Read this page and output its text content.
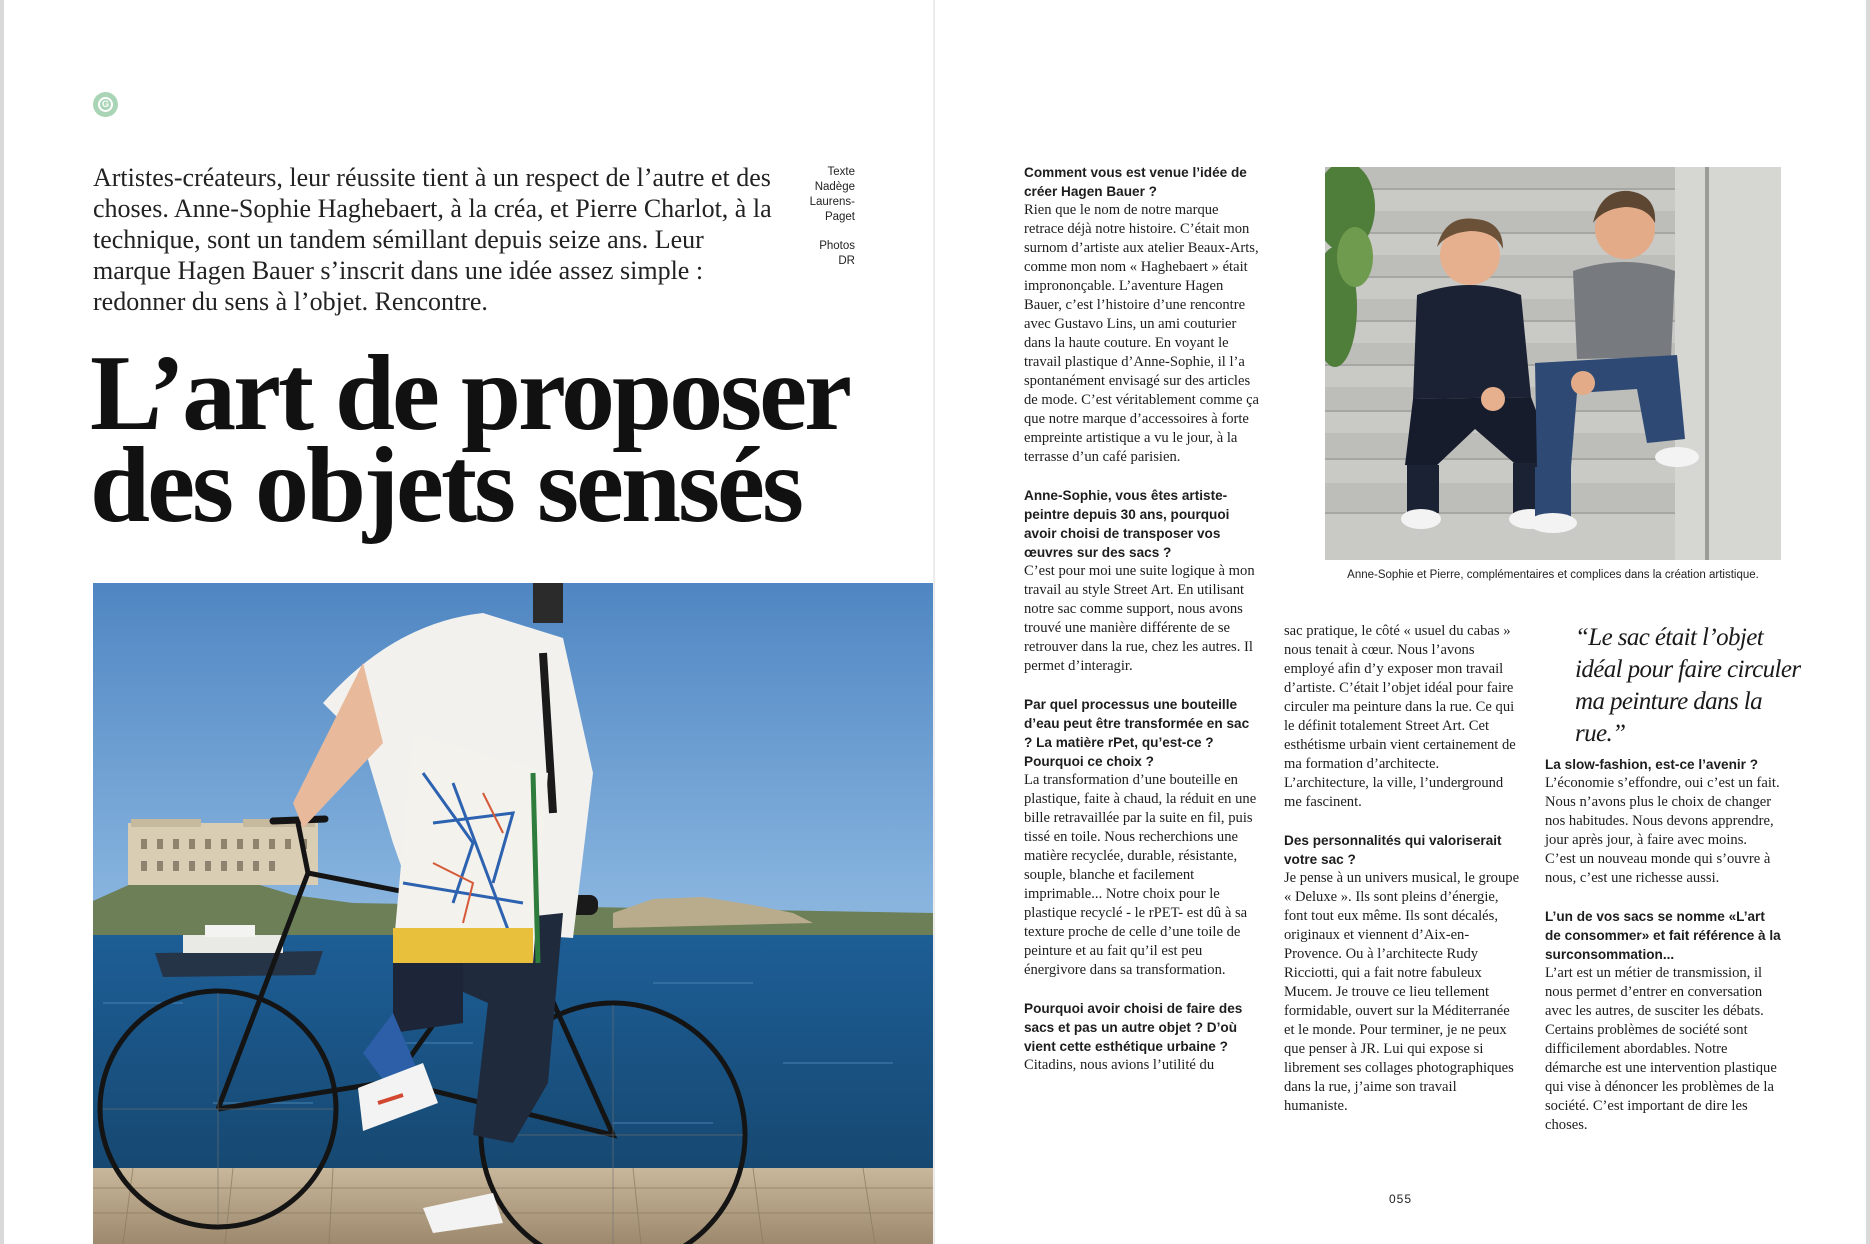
G

Artistes-créateurs, leur réussite tient à un respect de l’autre et des choses. Anne-Sophie Haghebaert, à la créa, et Pierre Charlot, à la technique, sont un tandem sémillant depuis seize ans. Leur marque Hagen Bauer s’inscrit dans une idée assez simple : redonner du sens à l’objet. Rencontre.

Texte
Nadège
Laurens-
Paget
Photos
DR
L’art de proposer
des objets sensés

Comment vous est venue l’idée de créer Hagen Bauer ?

Rien que le nom de notre marque retrace déjà notre histoire. C’était mon surnom d’artiste aux atelier Beaux-Arts, comme mon nom « Haghebaert » était imprononçable. L’aventure Hagen Bauer, c’est l’histoire d’une rencontre avec Gustavo Lins, un ami couturier dans la haute couture. En voyant le travail plastique d’Anne-Sophie, il l’a spontanément envisagé sur des articles de mode. C’est véritablement comme ça que notre marque d’accessoires à forte empreinte artistique a vu le jour, à la terrasse d’un café parisien.

Anne-Sophie, vous êtes artiste-peintre depuis 30 ans, pourquoi avoir choisi de transposer vos œuvres sur des sacs ?

C’est pour moi une suite logique à mon travail au style Street Art. En utilisant notre sac comme support, nous avons trouvé une manière différente de se retrouver dans la rue, chez les autres. Il permet d’interagir.

Par quel processus une bouteille d’eau peut être transformée en sac ? La matière rPet, qu’est-ce ? Pourquoi ce choix ?

La transformation d’une bouteille en plastique, faite à chaud, la réduit en une bille retravaillée par la suite en fil, puis tissé en toile. Nous recherchions une matière recyclée, durable, résistante, souple, blanche et facilement imprimable... Notre choix pour le plastique recyclé - le rPET- est dû à sa texture proche de celle d’une toile de peinture et au fait qu’il est peu énergivore dans sa transformation.

Pourquoi avoir choisi de faire des sacs et pas un autre objet ? D’où vient cette esthétique urbaine ?

Citadins, nous avions l’utilité du

Anne-Sophie et Pierre, complémentaires et complices dans la création artistique.

sac pratique, le côté « usuel du cabas » nous tenait à cœur. Nous l’avons employé afin d’y exposer mon travail d’artiste. C’était l’objet idéal pour faire circuler ma peinture dans la rue. Ce qui le définit totalement Street Art. Cet esthétisme urbain vient certainement de ma formation d’architecte. L’architecture, la ville, l’underground me fascinent.

Des personnalités qui valoriserait votre sac ?

Je pense à un univers musical, le groupe « Deluxe ». Ils sont pleins d’énergie, font tout eux même. Ils sont décalés, originaux et viennent d’Aix-en-Provence. Ou à l’architecte Rudy Ricciotti, qui a fait notre fabuleux Mucem. Je trouve ce lieu tellement formidable, ouvert sur la Méditerranée et le monde. Pour terminer, je ne peux que penser à JR. Lui qui expose si librement ses collages photographiques dans la rue, j’aime son travail humaniste.

“Le sac était l’objet idéal pour faire circuler ma peinture dans la rue.”

La slow-fashion, est-ce l’avenir ?

L’économie s’effondre, oui c’est un fait. Nous n’avons plus le choix de changer nos habitudes. Nous devons apprendre, jour après jour, à faire avec moins. C’est un nouveau monde qui s’ouvre à nous, c’est une richesse aussi.

L’un de vos sacs se nomme «L’art de consommer» et fait référence à la surconsommation...

L’art est un métier de transmission, il nous permet d’entrer en conversation avec les autres, de susciter les débats. Certains problèmes de société sont difficilement abordables. Notre démarche est une intervention plastique qui vise à dénoncer les problèmes de la société. C’est important de dire les choses.

055
